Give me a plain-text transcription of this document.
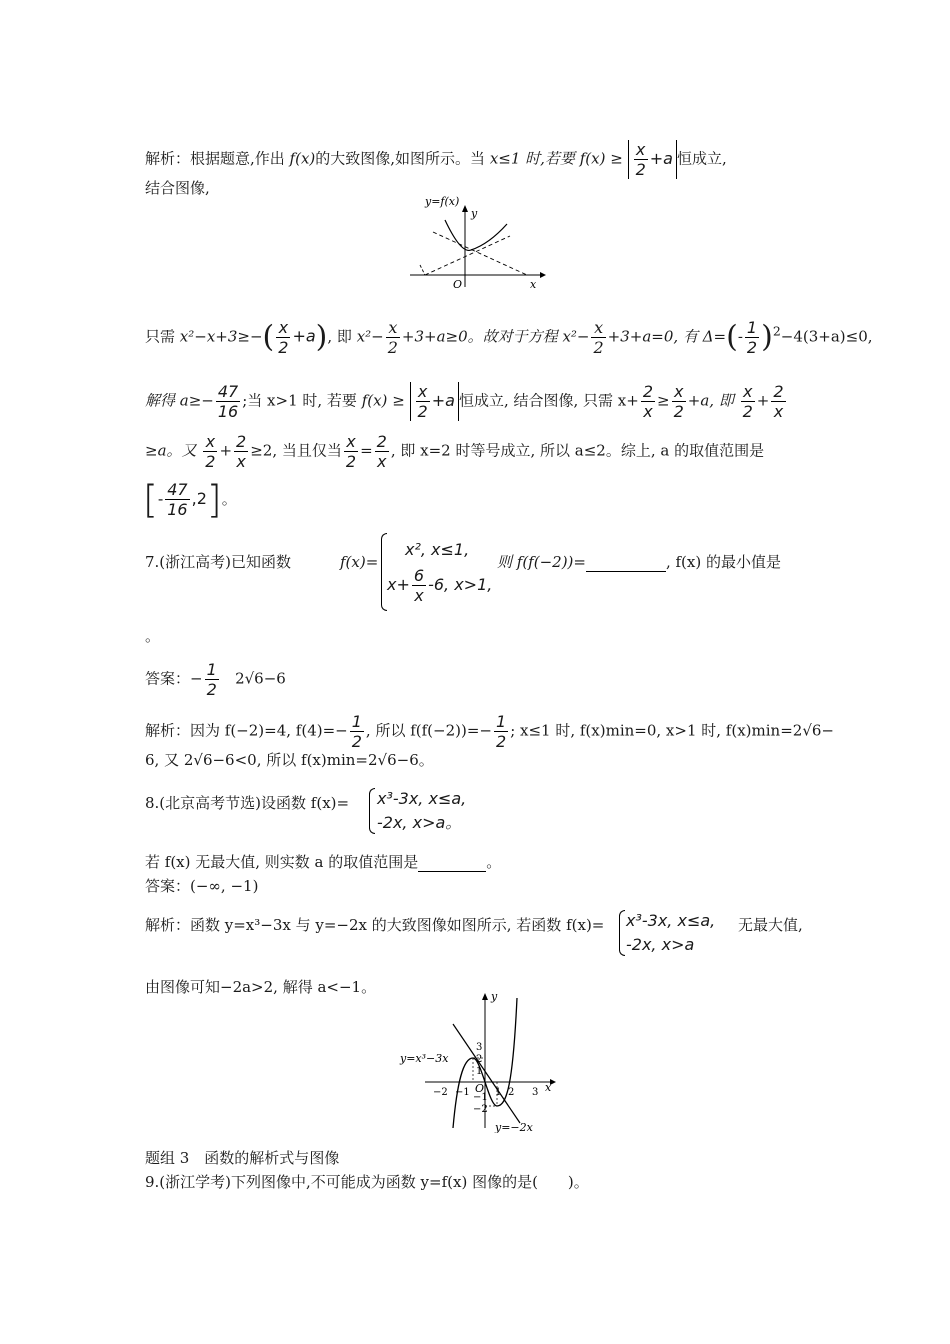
解析：根据题意,作出 f(x)的大致图像,如图所示。当 x≤1 时,若要 $f(x) \ge \frac{x}{2} +a$ 恒成立,
结合图像,
y=f(x)
y
x
O
只需 $x^2-x+3\ge-( \frac{x}{2} +a)$, 即 $x^2- \frac{x}{2} +3+a\ge 0$。故对于方程 $x^2- \frac{x}{2} +3+a=0$, 有 $\Delta=(- \frac{1}{2} )^2-4(3+a)\le 0$,
解得 $a\ge- \frac{47}{16}$ ;当 x>1 时, 若要 $f(x) \ge \frac{x}{2} +a$ 恒成立, 结合图像, 只需 $x+ \frac{2}{x} \ge \frac{x}{2} +a$, 即 $\frac{x}{2} + \frac{2}{x}$
≥a。又 $\frac{x}{2} + \frac{2}{x} \ge 2$, 当且仅当 $\frac{x}{2} = \frac{2}{x}$ , 即 x=2 时等号成立, 所以 a≤2。综上, a 的取值范围是
[- $\frac{47}{16} ,2$]。
7.(浙江高考)已知函数	f(x)=
x², x≤1,
$x+ \frac{6}{x} -6$, x>1,
则 f(f(−2))=	, f(x) 的最小值是
。
答案：− $\frac{1}{2} 2√6-6$
解析：因为 f(−2)=4, $f(4)=- \frac{1}{2}$ , 所以 $f(f(-2))=- \frac{1}{2}$ ; x≤1 时, f(x)min=0, x>1 时, f(x)min=2√6−
6, 又 2√6−6<0, 所以 f(x)min=2√6−6。
8.(北京高考节选)设函数 f(x)= x³-3x, x≤a,
-2x, x>a。
若 f(x) 无最大值, 则实数 a 的取值范围是	。
答案：(−∞, −1)
解析：函数 y=x³−3x 与 y=−2x 的大致图像如图所示, 若函数 f(x)= x³-3x, x≤a,
-2x, x>a
无最大值,
由图像可知−2a>2, 解得 a<−1。
−2 −1	1 2 3
3
2
1
−1
−2
O
y
x
y=x³−3x
y=−2x
题组 3　函数的解析式与图像
9.(浙江学考)下列图像中,不可能成为函数 y=f(x) 图像的是(　　)。
